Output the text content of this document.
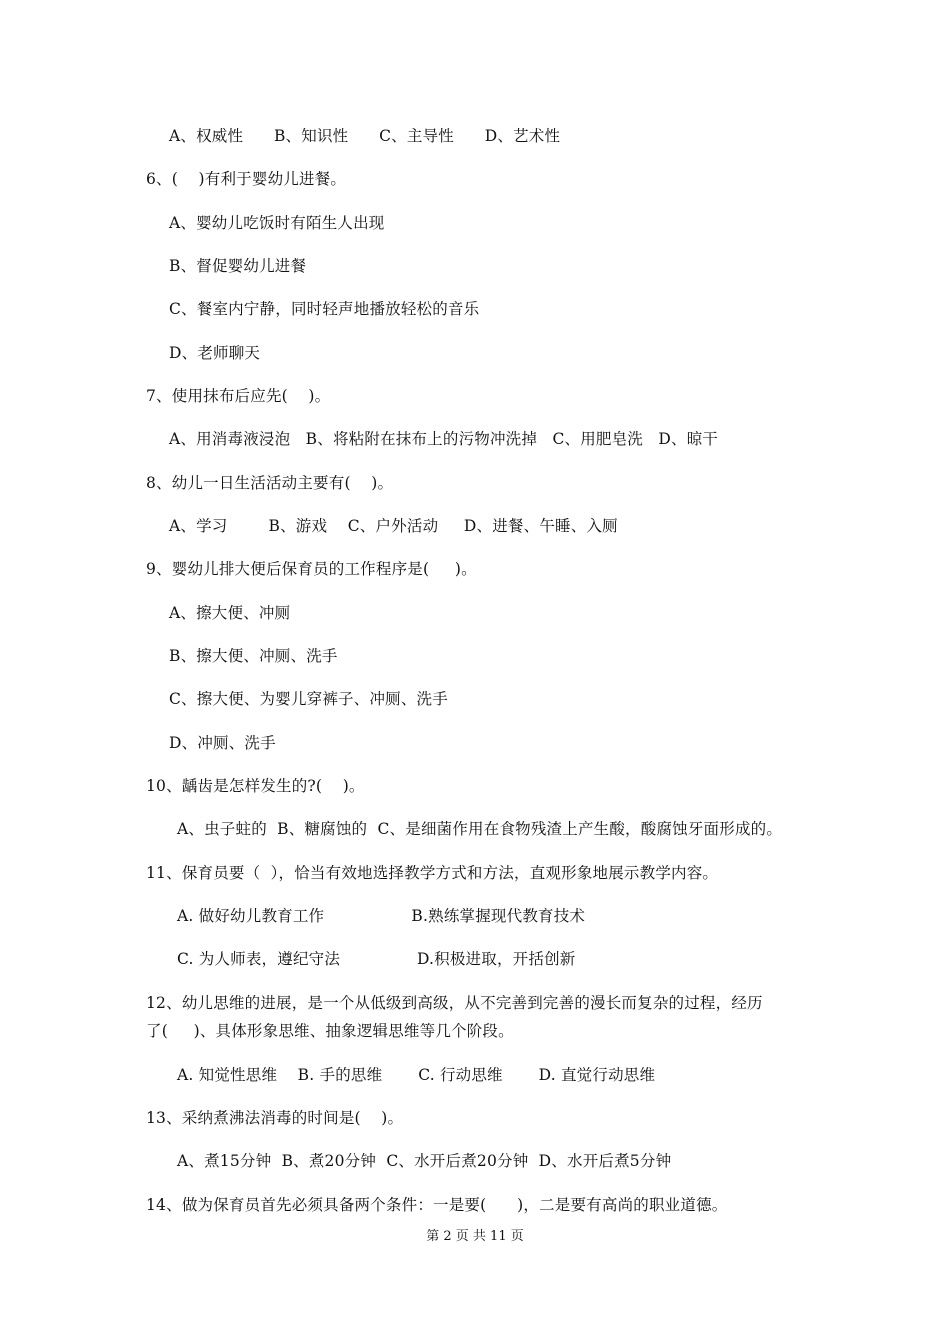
A、权威性      B、知识性      C、主导性      D、艺术性
6、(    )有利于婴幼儿进餐。
A、婴幼儿吃饭时有陌生人出现
B、督促婴幼儿进餐
C、餐室内宁静，同时轻声地播放轻松的音乐
D、老师聊天
7、使用抹布后应先(    )。
A、用消毒液浸泡   B、将粘附在抹布上的污物冲洗掉   C、用肥皂洗   D、晾干
8、幼儿一日生活活动主要有(    )。
A、学习        B、游戏    C、户外活动     D、进餐、午睡、入厕
9、婴幼儿排大便后保育员的工作程序是(     )。
A、擦大便、冲厕
B、擦大便、冲厕、洗手
C、擦大便、为婴儿穿裤子、冲厕、洗手
D、冲厕、洗手
10、龋齿是怎样发生的?(    )。
A、虫子蛀的  B、糖腐蚀的  C、是细菌作用在食物残渣上产生酸，酸腐蚀牙面形成的。
11、保育员要（  ），恰当有效地选择教学方式和方法，直观形象地展示教学内容。
A. 做好幼儿教育工作                 B.熟练掌握现代教育技术
C. 为人师表，遵纪守法               D.积极进取，开括创新
12、幼儿思维的进展，是一个从低级到高级，从不完善到完善的漫长而复杂的过程，经历
了(     )、具体形象思维、抽象逻辑思维等几个阶段。
A. 知觉性思维    B. 手的思维       C. 行动思维       D. 直觉行动思维
13、采纳煮沸法消毒的时间是(    )。
A、煮15分钟  B、煮20分钟  C、水开后煮20分钟  D、水开后煮5分钟
14、做为保育员首先必须具备两个条件：一是要(      )，二是要有高尚的职业道德。
第 2 页 共 11 页
